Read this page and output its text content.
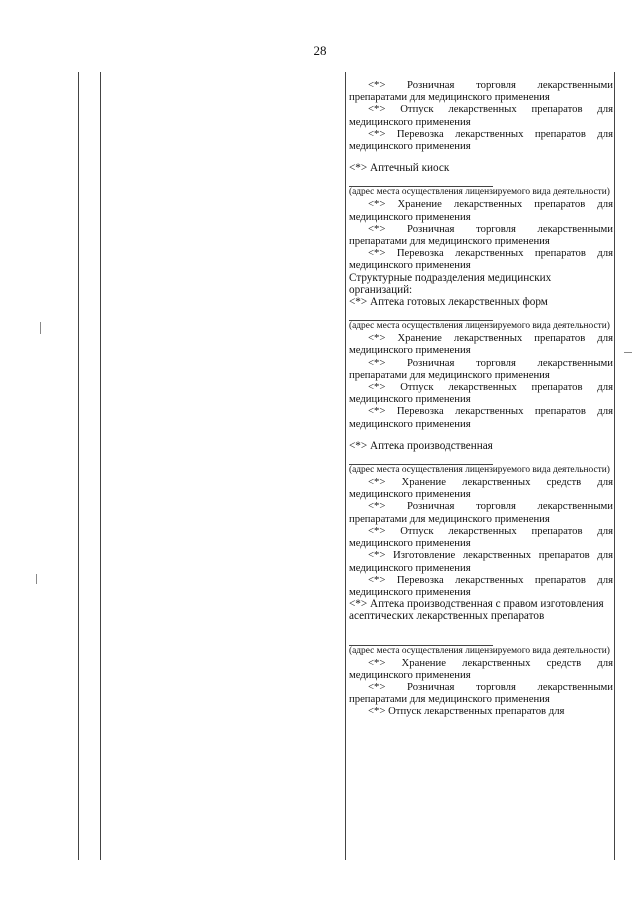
28
<*> Розничная торговля лекарственными препаратами для медицинского применения
<*> Отпуск лекарственных препаратов для медицинского применения
<*> Перевозка лекарственных препаратов для медицинского применения
<*> Аптечный киоск
(адрес места осуществления лицензируемого вида деятельности)
<*> Хранение лекарственных препаратов для медицинского применения
<*> Розничная торговля лекарственными препаратами для медицинского применения
<*> Перевозка лекарственных препаратов для медицинского применения
Структурные подразделения медицинских организаций:
<*> Аптека готовых лекарственных форм
(адрес места осуществления лицензируемого вида деятельности)
<*> Хранение лекарственных препаратов для медицинского применения
<*> Розничная торговля лекарственными препаратами для медицинского применения
<*> Отпуск лекарственных препаратов для медицинского применения
<*> Перевозка лекарственных препаратов для медицинского применения
<*> Аптека производственная
(адрес места осуществления лицензируемого вида деятельности)
<*> Хранение лекарственных средств для медицинского применения
<*> Розничная торговля лекарственными препаратами для медицинского применения
<*> Отпуск лекарственных препаратов для медицинского применения
<*> Изготовление лекарственных препаратов для медицинского применения
<*> Перевозка лекарственных препаратов для медицинского применения
<*> Аптека производственная с правом изготовления асептических лекарственных препаратов
(адрес места осуществления лицензируемого вида деятельности)
<*> Хранение лекарственных средств для медицинского применения
<*> Розничная торговля лекарственными препаратами для медицинского применения
<*> Отпуск лекарственных препаратов для
